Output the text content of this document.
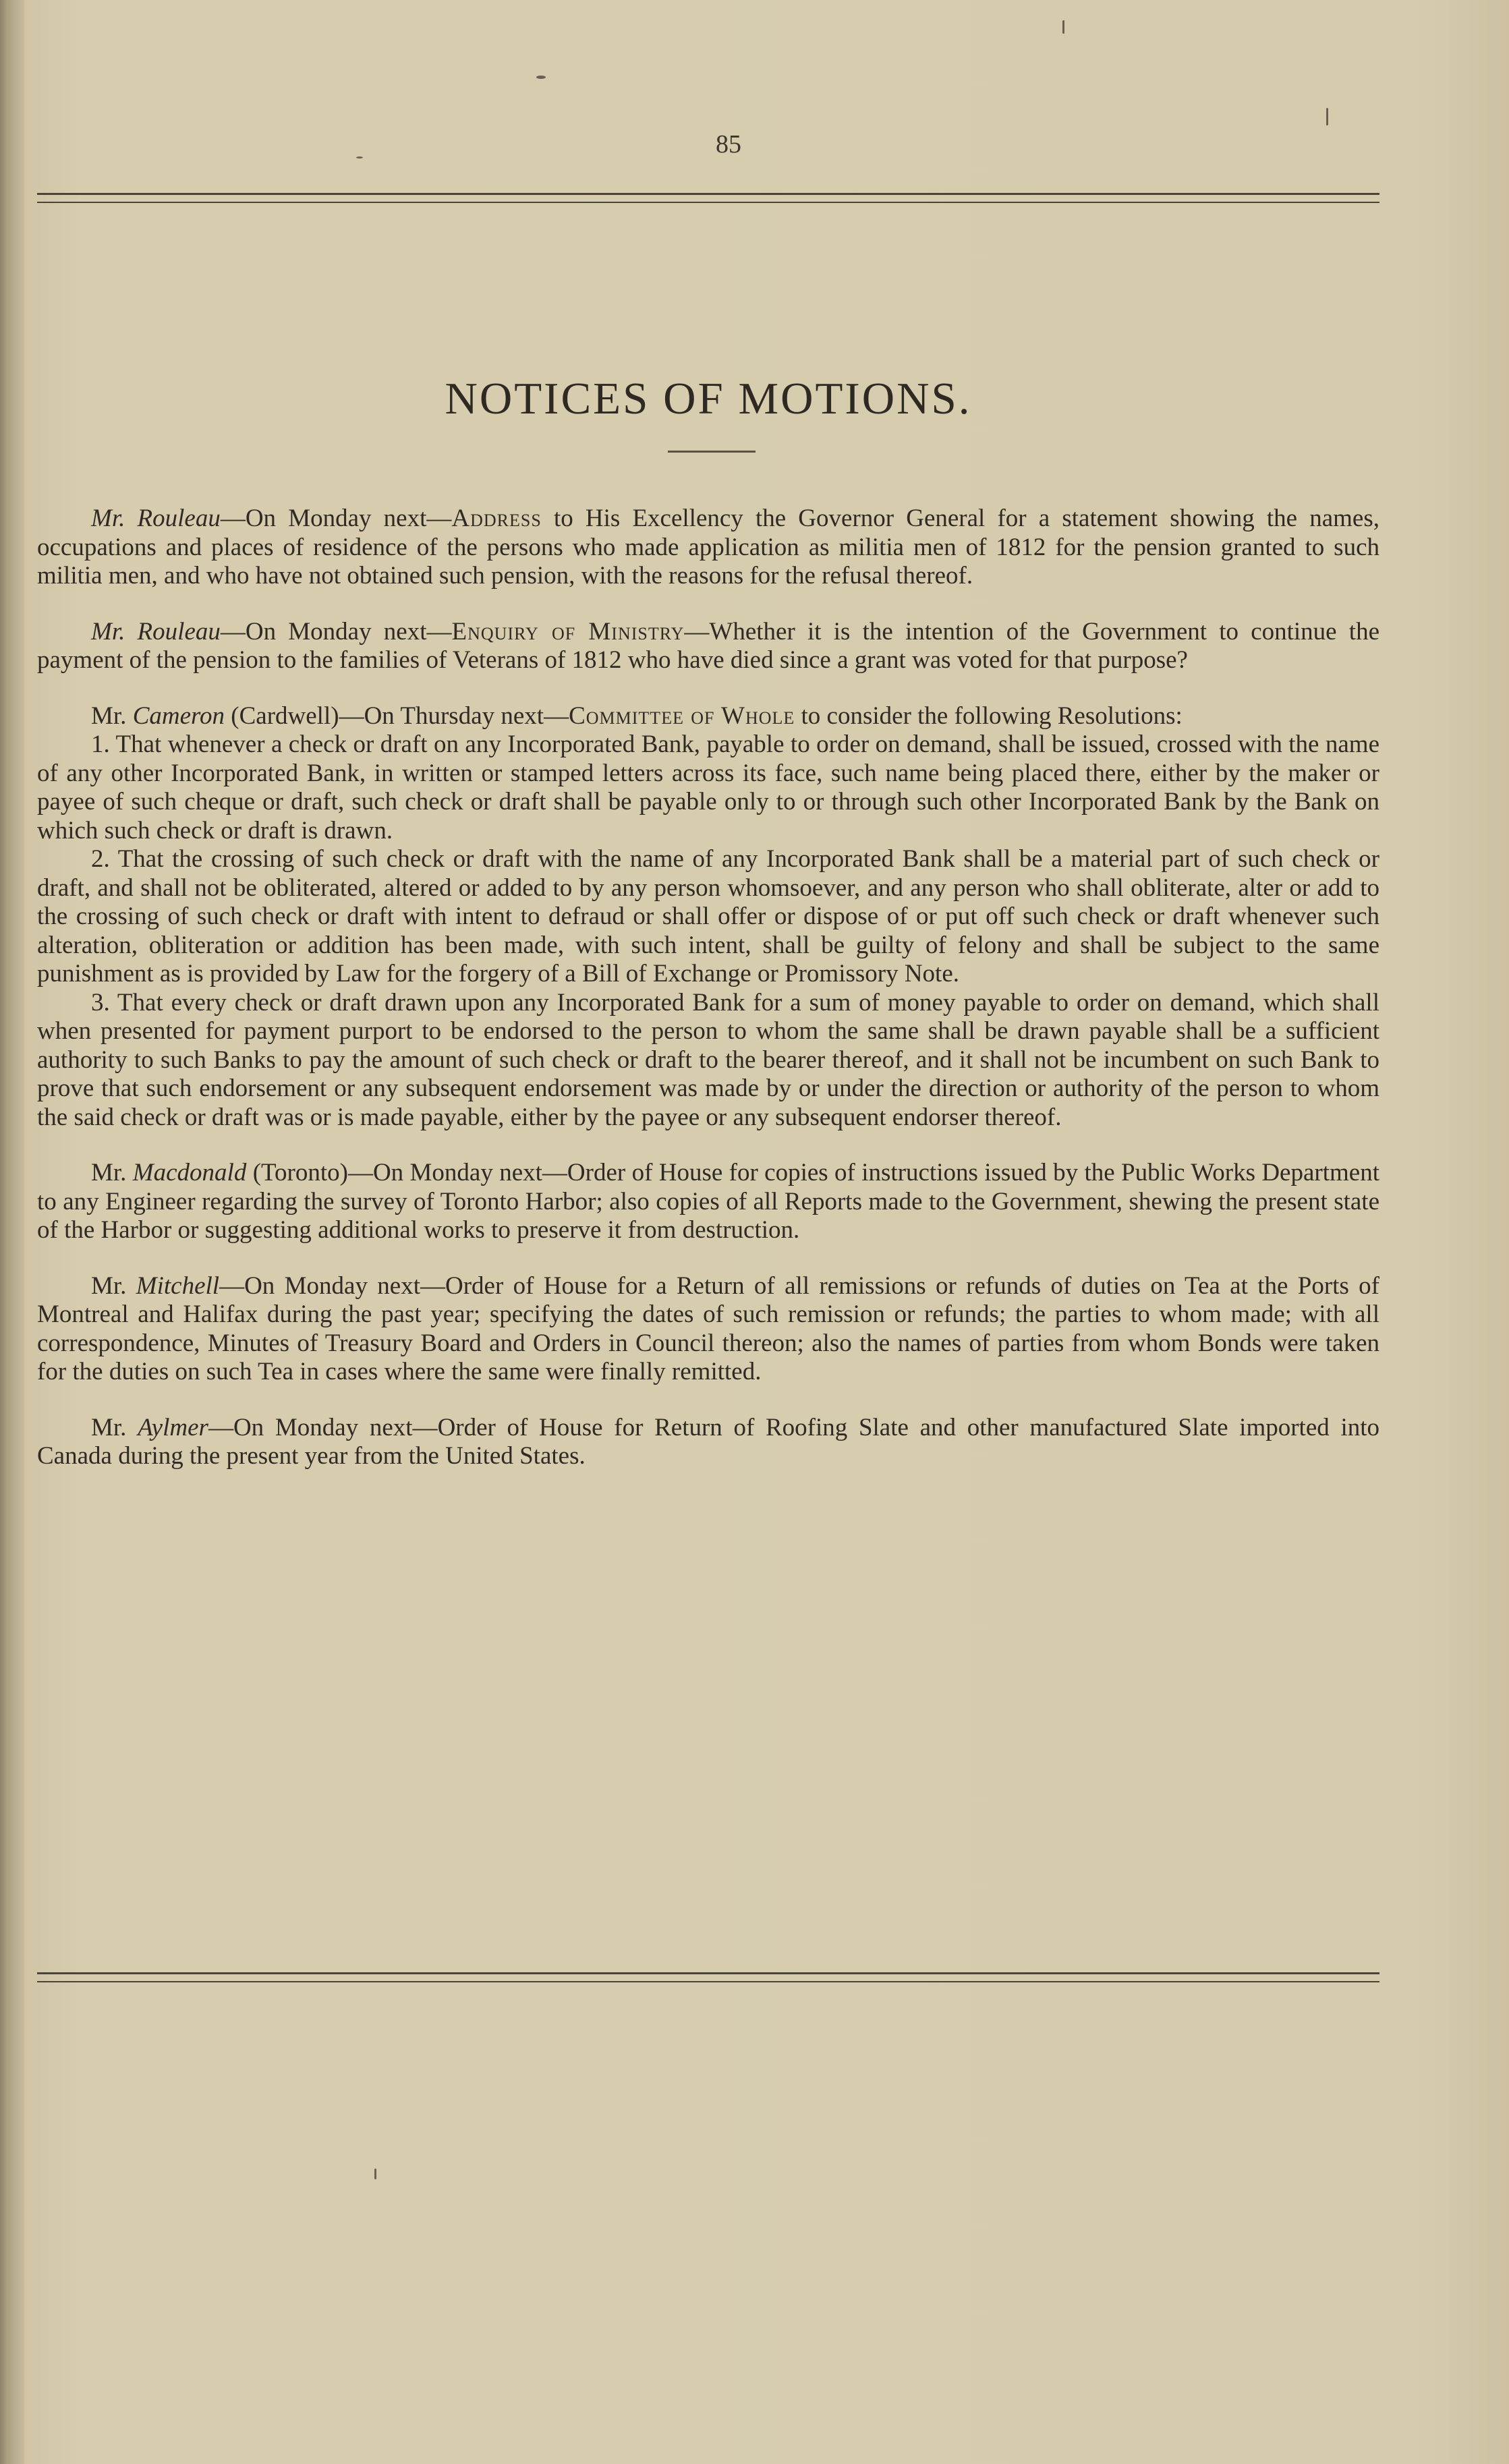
85
NOTICES OF MOTIONS.

Mr. Rouleau—On Monday next—Address to His Excellency the Governor General for a statement showing the names, occupations and places of residence of the persons who made application as militia men of 1812 for the pension granted to such militia men, and who have not obtained such pension, with the reasons for the refusal thereof.

Mr. Rouleau—On Monday next—Enquiry of Ministry—Whether it is the intention of the Government to continue the payment of the pension to the families of Veterans of 1812 who have died since a grant was voted for that purpose?

Mr. Cameron (Cardwell)—On Thursday next—Committee of Whole to consider the following Resolutions:

1. That whenever a check or draft on any Incorporated Bank, payable to order on demand, shall be issued, crossed with the name of any other Incorporated Bank, in written or stamped letters across its face, such name being placed there, either by the maker or payee of such cheque or draft, such check or draft shall be payable only to or through such other Incorporated Bank by the Bank on which such check or draft is drawn.

2. That the crossing of such check or draft with the name of any Incorporated Bank shall be a material part of such check or draft, and shall not be obliterated, altered or added to by any person whomsoever, and any person who shall obliterate, alter or add to the crossing of such check or draft with intent to defraud or shall offer or dispose of or put off such check or draft whenever such alteration, obliteration or addition has been made, with such intent, shall be guilty of felony and shall be subject to the same punishment as is provided by Law for the forgery of a Bill of Exchange or Promissory Note.

3. That every check or draft drawn upon any Incorporated Bank for a sum of money payable to order on demand, which shall when presented for payment purport to be endorsed to the person to whom the same shall be drawn payable shall be a sufficient authority to such Banks to pay the amount of such check or draft to the bearer thereof, and it shall not be incumbent on such Bank to prove that such endorsement or any subsequent endorsement was made by or under the direction or authority of the person to whom the said check or draft was or is made payable, either by the payee or any subsequent endorser thereof.

Mr. Macdonald (Toronto)—On Monday next—Order of House for copies of instructions issued by the Public Works Department to any Engineer regarding the survey of Toronto Harbor; also copies of all Reports made to the Government, shewing the present state of the Harbor or suggesting additional works to preserve it from destruction.

Mr. Mitchell—On Monday next—Order of House for a Return of all remissions or refunds of duties on Tea at the Ports of Montreal and Halifax during the past year; specifying the dates of such remission or refunds; the parties to whom made; with all correspondence, Minutes of Treasury Board and Orders in Council thereon; also the names of parties from whom Bonds were taken for the duties on such Tea in cases where the same were finally remitted.

Mr. Aylmer—On Monday next—Order of House for Return of Roofing Slate and other manufactured Slate imported into Canada during the present year from the United States.
